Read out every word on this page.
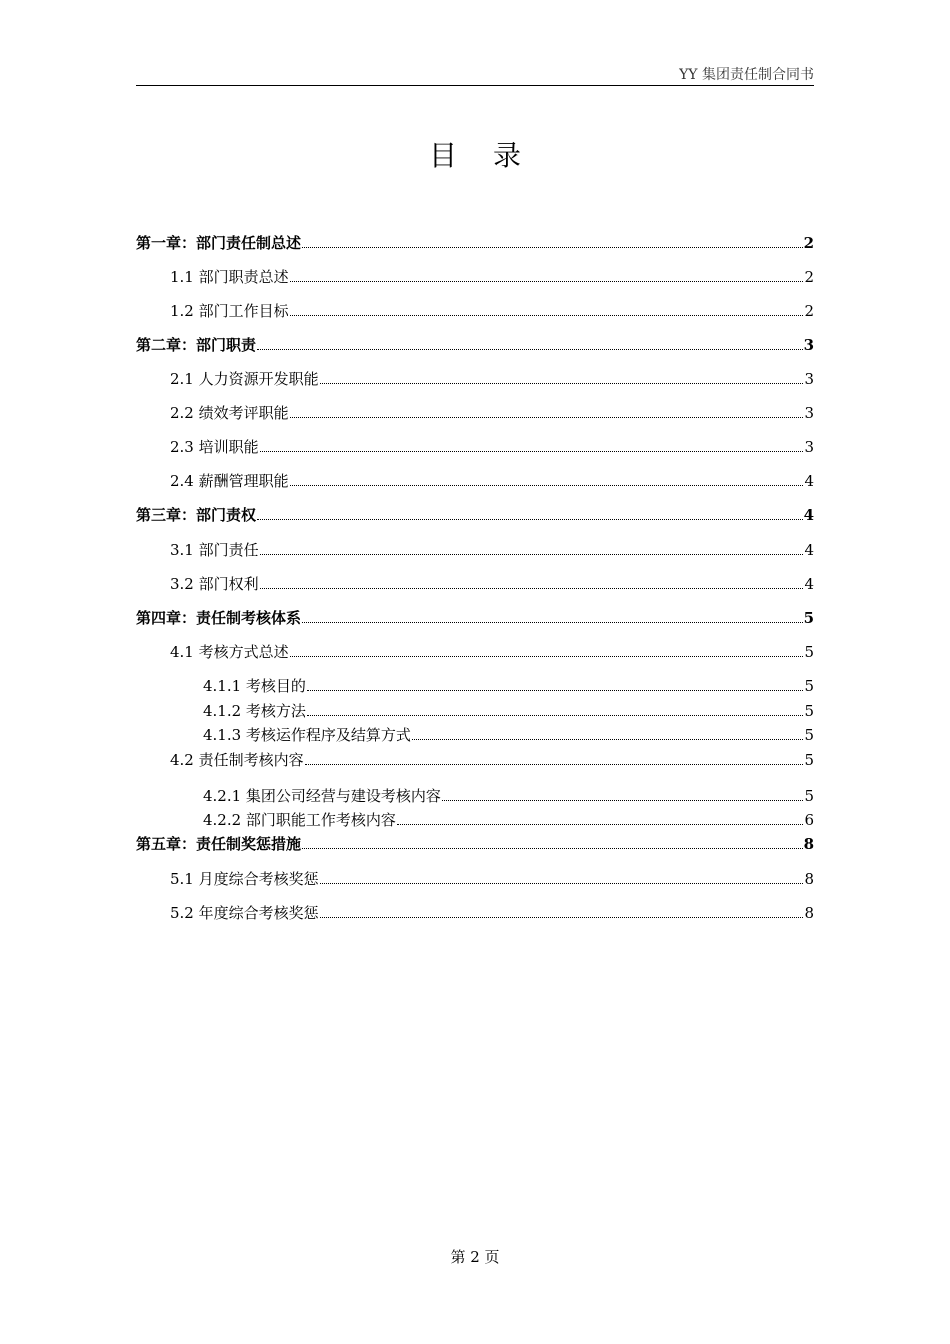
YY 集团责任制合同书
目录
第一章：部门责任制总述	2
1.1 部门职责总述	2
1.2 部门工作目标	2
第二章：部门职责	3
2.1 人力资源开发职能	3
2.2 绩效考评职能	3
2.3 培训职能	3
2.4 薪酬管理职能	4
第三章：部门责权	4
3.1 部门责任	4
3.2 部门权利	4
第四章：责任制考核体系	5
4.1 考核方式总述	5
4.1.1 考核目的	5
4.1.2 考核方法	5
4.1.3 考核运作程序及结算方式	5
4.2 责任制考核内容	5
4.2.1 集团公司经营与建设考核内容	5
4.2.2 部门职能工作考核内容	6
第五章：责任制奖惩措施	8
5.1 月度综合考核奖惩	8
5.2 年度综合考核奖惩	8
第 2 页
